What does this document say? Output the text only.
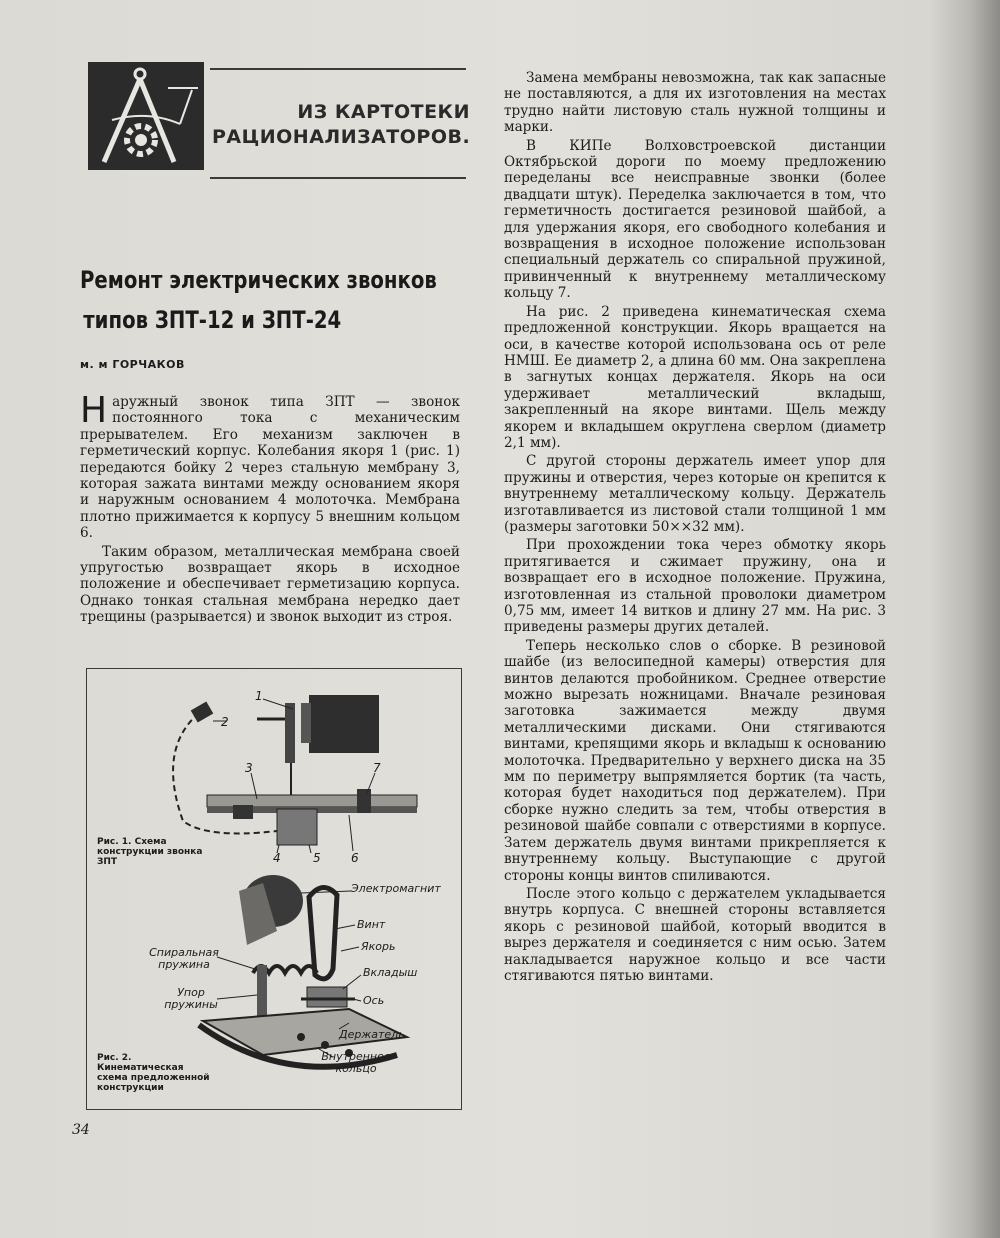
ИЗ КАРТОТЕКИ
РАЦИОНАЛИЗАТОРОВ.
Ремонт электрических звонков
типов ЗПТ-12 и ЗПТ-24
м. м ГОРЧАКОВ

Наружный звонок типа ЗПТ — звонок постоянного тока с механическим прерывателем. Его механизм заключен в герметический корпус. Колебания якоря 1 (рис. 1) передаются бойку 2 через стальную мембрану 3, которая зажата винтами между основанием якоря и наружным основанием 4 молоточка. Мембрана плотно прижимается к корпусу 5 внешним кольцом 6.

Таким образом, металлическая мембрана своей упругостью возвращает якорь в исходное положение и обеспечивает герметизацию корпуса. Однако тонкая стальная мембрана нередко дает трещины (разрывается) и звонок выходит из строя.

1
2
3	7
4	5	6
Рис. 1. Схема конструкции звонка ЗПТ
Электромагнит
Винт
Якорь
Вкладыш
Ось
Держатель
Внутреннее кольцо
Спиральная пружина
Упор пружины
Рис. 2. Кинематическая схема предложенной конструкции

Замена мембраны невозможна, так как запасные не поставляются, а для их изготовления на местах трудно найти листовую сталь нужной толщины и марки.

В КИПе Волховстроевской дистанции Октябрьской дороги по моему предложению переделаны все неисправные звонки (более двадцати штук). Переделка заключается в том, что герметичность достигается резиновой шайбой, а для удержания якоря, его свободного колебания и возвращения в исходное положение использован специальный держатель со спиральной пружиной, привинченный к внутреннему металлическому кольцу 7.

На рис. 2 приведена кинематическая схема предложенной конструкции. Якорь вращается на оси, в качестве которой использована ось от реле НМШ. Ее диаметр 2, а длина 60 мм. Она закреплена в загнутых концах держателя. Якорь на оси удерживает металлический вкладыш, закрепленный на якоре винтами. Щель между якорем и вкладышем округлена сверлом (диаметр 2,1 мм).

С другой стороны держатель имеет упор для пружины и отверстия, через которые он крепится к внутреннему металлическому кольцу. Держатель изготавливается из листовой стали толщиной 1 мм (размеры заготовки 50××32 мм).

При прохождении тока через обмотку якорь притягивается и сжимает пружину, она и возвращает его в исходное положение. Пружина, изготовленная из стальной проволоки диаметром 0,75 мм, имеет 14 витков и длину 27 мм. На рис. 3 приведены размеры других деталей.

Теперь несколько слов о сборке. В резиновой шайбе (из велосипедной камеры) отверстия для винтов делаются пробойником. Среднее отверстие можно вырезать ножницами. Вначале резиновая заготовка зажимается между двумя металлическими дисками. Они стягиваются винтами, крепящими якорь и вкладыш к основанию молоточка. Предварительно у верхнего диска на 35 мм по периметру выпрямляется бортик (та часть, которая будет находиться под держателем). При сборке нужно следить за тем, чтобы отверстия в резиновой шайбе совпали с отверстиями в корпусе. Затем держатель двумя винтами прикрепляется к внутреннему кольцу. Выступающие с другой стороны концы винтов спиливаются.

После этого кольцо с держателем укладывается внутрь корпуса. С внешней стороны вставляется якорь с резиновой шайбой, который вводится в вырез держателя и соединяется с ним осью. Затем накладывается наружное кольцо и все части стягиваются пятью винтами.

34
